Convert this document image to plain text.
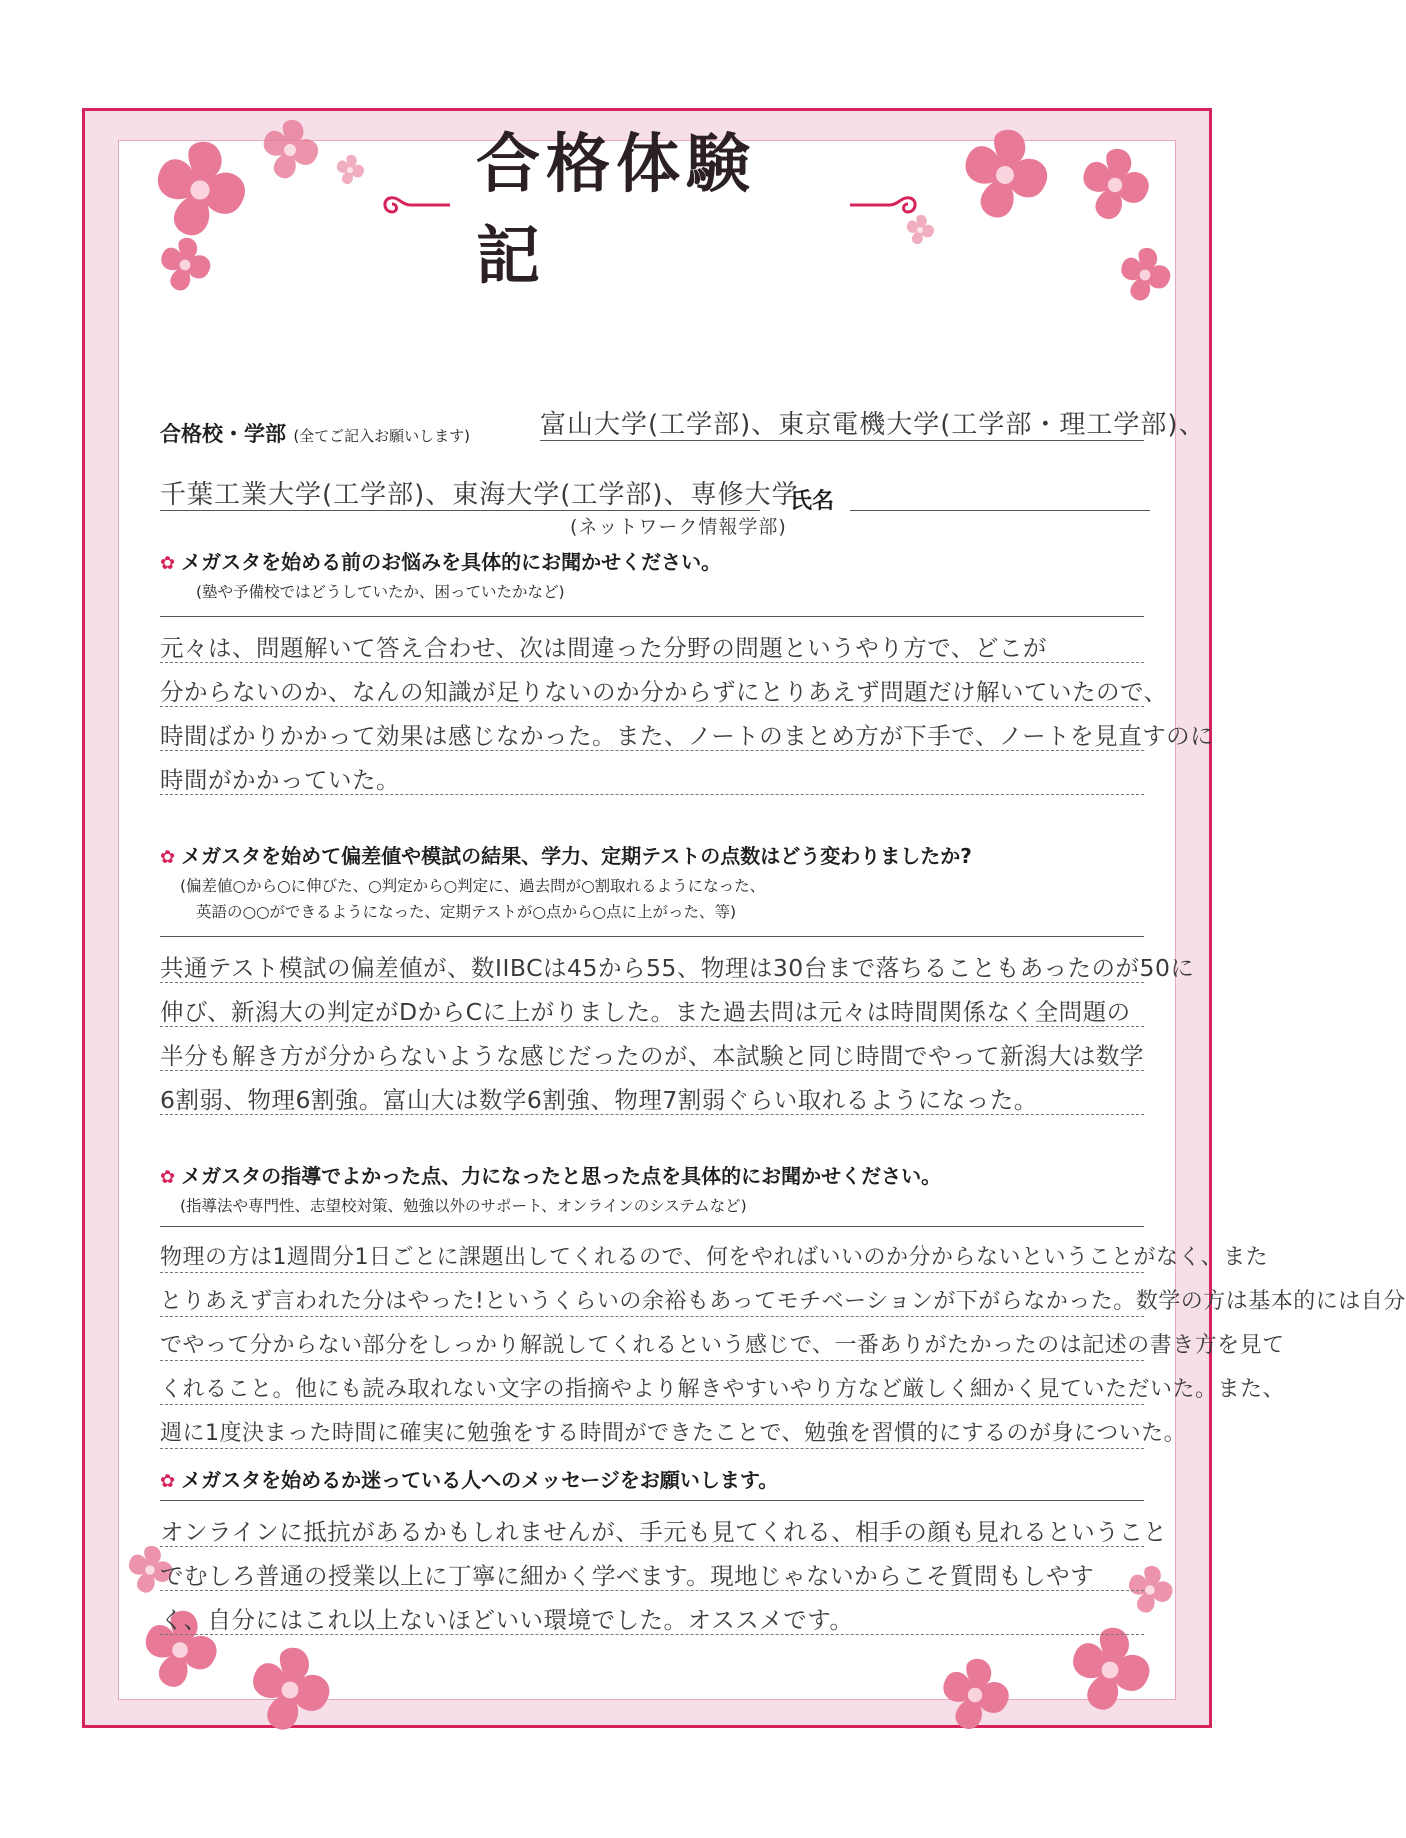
合格体験記
合格校・学部 (全てご記入お願いします)	富山大学(工学部)、東京電機大学(工学部・理工学部)、
千葉工業大学(工学部)、東海大学(工学部)、専修大学
(ネットワーク情報学部)
氏名
✿ メガスタを始める前のお悩みを具体的にお聞かせください。
(塾や予備校ではどうしていたか、困っていたかなど)
元々は、問題解いて答え合わせ、次は間違った分野の問題というやり方で、どこが
分からないのか、なんの知識が足りないのか分からずにとりあえず問題だけ解いていたので、
時間ばかりかかって効果は感じなかった。また、ノートのまとめ方が下手で、ノートを見直すのに
時間がかかっていた。
✿ メガスタを始めて偏差値や模試の結果、学力、定期テストの点数はどう変わりましたか?
(偏差値○から○に伸びた、○判定から○判定に、過去問が○割取れるようになった、
英語の○○ができるようになった、定期テストが○点から○点に上がった、等)
共通テスト模試の偏差値が、数IIBCは45から55、物理は30台まで落ちることもあったのが50に
伸び、新潟大の判定がDからCに上がりました。また過去問は元々は時間関係なく全問題の
半分も解き方が分からないような感じだったのが、本試験と同じ時間でやって新潟大は数学
6割弱、物理6割強。富山大は数学6割強、物理7割弱ぐらい取れるようになった。
✿ メガスタの指導でよかった点、力になったと思った点を具体的にお聞かせください。
(指導法や専門性、志望校対策、勉強以外のサポート、オンラインのシステムなど)
物理の方は1週間分1日ごとに課題出してくれるので、何をやればいいのか分からないということがなく、また
とりあえず言われた分はやった!というくらいの余裕もあってモチベーションが下がらなかった。数学の方は基本的には自分
でやって分からない部分をしっかり解説してくれるという感じで、一番ありがたかったのは記述の書き方を見て
くれること。他にも読み取れない文字の指摘やより解きやすいやり方など厳しく細かく見ていただいた。また、
週に1度決まった時間に確実に勉強をする時間ができたことで、勉強を習慣的にするのが身についた。
✿ メガスタを始めるか迷っている人へのメッセージをお願いします。
オンラインに抵抗があるかもしれませんが、手元も見てくれる、相手の顔も見れるということ
でむしろ普通の授業以上に丁寧に細かく学べます。現地じゃないからこそ質問もしやす
く、自分にはこれ以上ないほどいい環境でした。オススメです。
